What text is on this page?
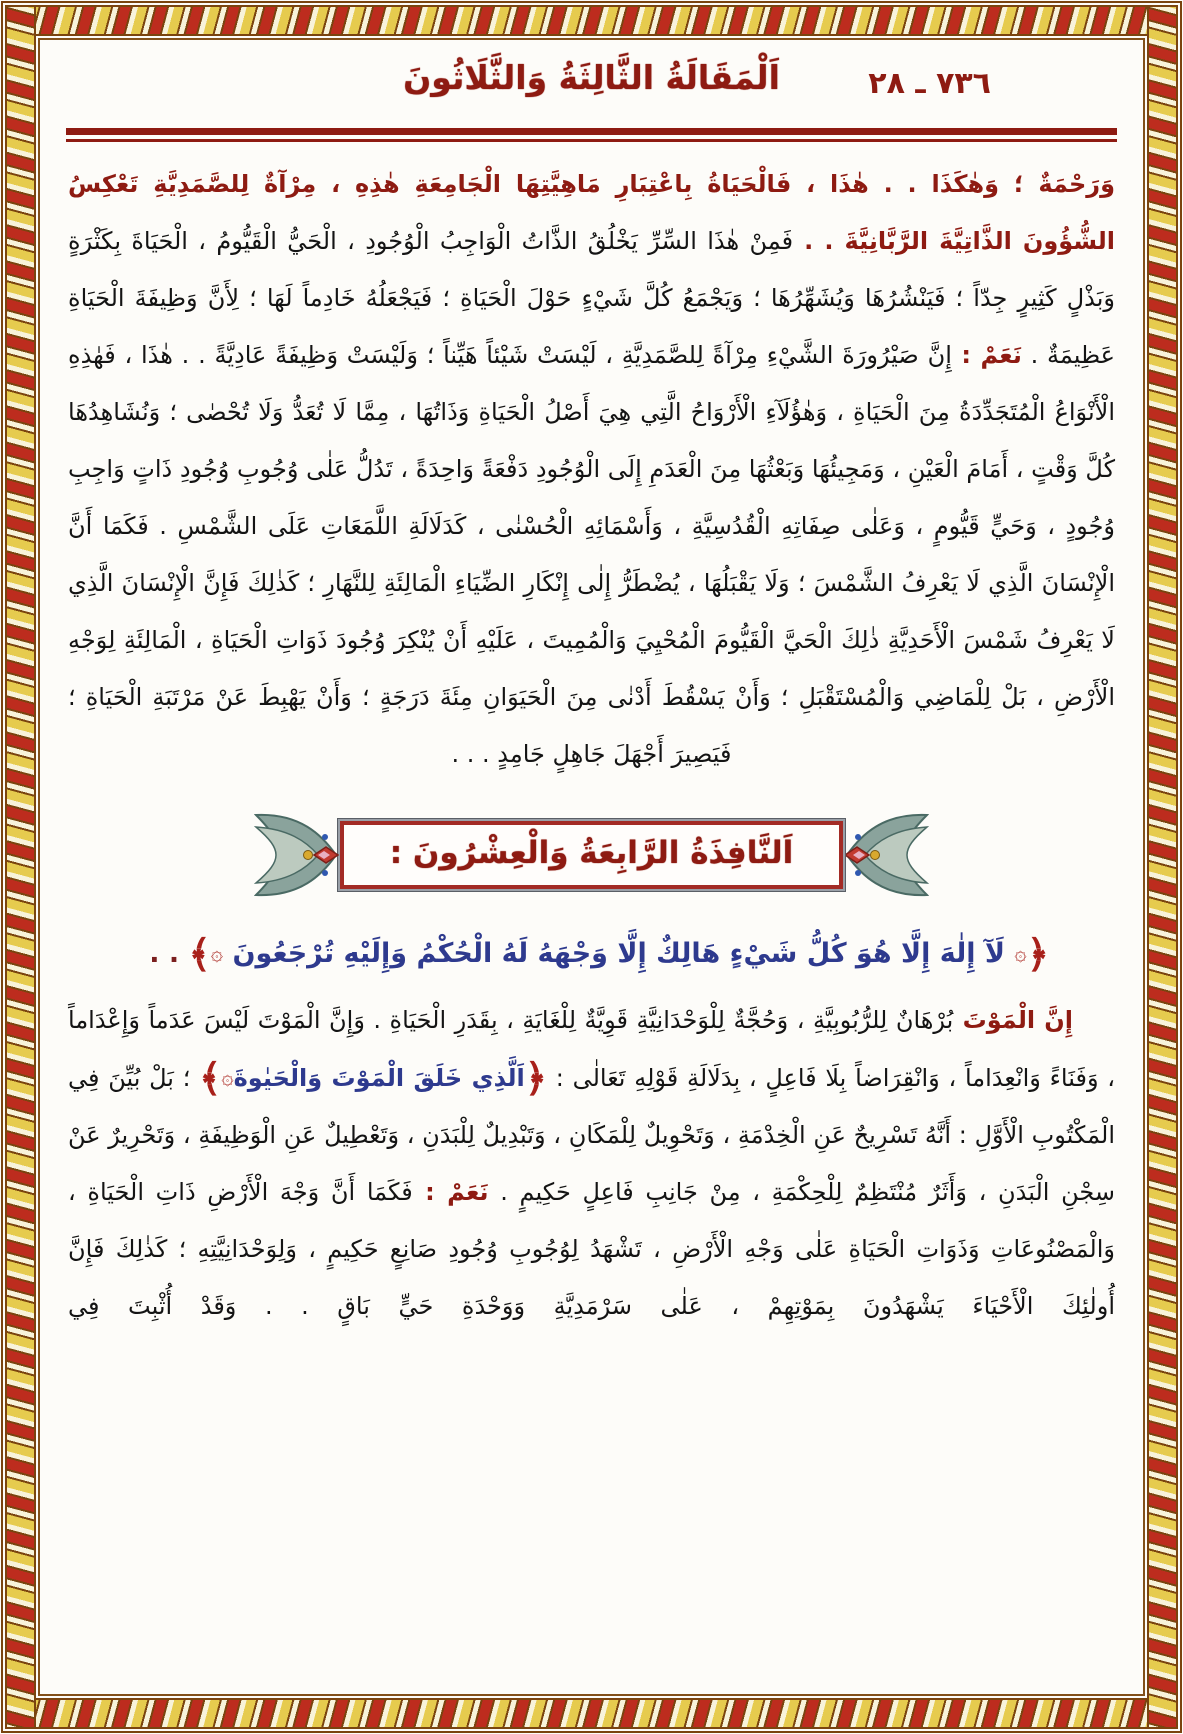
٧٣٦ ـ ٢٨
اَلْمَقَالَةُ الثَّالِثَةُ وَالثَّلَاثُونَ

وَرَحْمَةٌ ؛ وَهٰكَذَا . . هٰذَا ، فَالْحَيَاةُ بِاعْتِبَارِ مَاهِيَّتِهَا الْجَامِعَةِ هٰذِهِ ، مِرْآةٌ لِلصَّمَدِيَّةِ تَعْكِسُ الشُّؤُونَ الذَّاتِيَّةَ الرَّبَّانِيَّةَ . . فَمِنْ هٰذَا السِّرِّ يَخْلُقُ الذَّاتُ الْوَاجِبُ الْوُجُودِ ، الْحَيُّ الْقَيُّومُ ، الْحَيَاةَ بِكَثْرَةٍ وَبَذْلٍ كَثِيرٍ جِدّاً ؛ فَيَنْشُرُهَا وَيُشَهِّرُهَا ؛ وَيَجْمَعُ كُلَّ شَيْءٍ حَوْلَ الْحَيَاةِ ؛ فَيَجْعَلُهُ خَادِماً لَهَا ؛ لِأَنَّ وَظِيفَةَ الْحَيَاةِ عَظِيمَةٌ . نَعَمْ : إِنَّ صَيْرُورَةَ الشَّيْءِ مِرْآةً لِلصَّمَدِيَّةِ ، لَيْسَتْ شَيْئاً هَيِّناً ؛ وَلَيْسَتْ وَظِيفَةً عَادِيَّةً . . هٰذَا ، فَهٰذِهِ الْأَنْوَاعُ الْمُتَجَدِّدَةُ مِنَ الْحَيَاةِ ، وَهٰؤُلَآءِ الْأَرْوَاحُ الَّتِي هِيَ أَصْلُ الْحَيَاةِ وَذَاتُهَا ، مِمَّا لَا تُعَدُّ وَلَا تُحْصٰى ؛ وَنُشَاهِدُهَا كُلَّ وَقْتٍ ، أَمَامَ الْعَيْنِ ، وَمَجِيئُهَا وَبَعْثُهَا مِنَ الْعَدَمِ إِلَى الْوُجُودِ دَفْعَةً وَاحِدَةً ، تَدُلُّ عَلٰى وُجُوبِ وُجُودِ ذَاتٍ وَاجِبِ وُجُودٍ ، وَحَيٍّ قَيُّومٍ ، وَعَلٰى صِفَاتِهِ الْقُدُسِيَّةِ ، وَأَسْمَائِهِ الْحُسْنٰى ، كَدَلَالَةِ اللَّمَعَاتِ عَلَى الشَّمْسِ . فَكَمَا أَنَّ الْإِنْسَانَ الَّذِي لَا يَعْرِفُ الشَّمْسَ ؛ وَلَا يَقْبَلُهَا ، يُضْطَرُّ إِلٰى إِنْكَارِ الضِّيَاءِ الْمَالِئَةِ لِلنَّهَارِ ؛ كَذٰلِكَ فَإِنَّ الْإِنْسَانَ الَّذِي لَا يَعْرِفُ شَمْسَ الْأَحَدِيَّةِ ذٰلِكَ الْحَيَّ الْقَيُّومَ الْمُحْيِيَ وَالْمُمِيتَ ، عَلَيْهِ أَنْ يُنْكِرَ وُجُودَ ذَوَاتِ الْحَيَاةِ ، الْمَالِئَةِ لِوَجْهِ الْأَرْضِ ، بَلْ لِلْمَاضِي وَالْمُسْتَقْبَلِ ؛ وَأَنْ يَسْقُطَ أَدْنٰى مِنَ الْحَيَوَانِ مِئَةَ دَرَجَةٍ ؛ وَأَنْ يَهْبِطَ عَنْ مَرْتَبَةِ الْحَيَاةِ ؛ فَيَصِيرَ أَجْهَلَ جَاهِلٍ جَامِدٍ . . .

اَلنَّافِذَةُ الرَّابِعَةُ وَالْعِشْرُونَ :

﴿۞ لَآ إِلٰهَ إِلَّا هُوَ كُلُّ شَيْءٍ هَالِكٌ إِلَّا وَجْهَهُ لَهُ الْحُكْمُ وَإِلَيْهِ تُرْجَعُونَ ۞﴾ . .

إِنَّ الْمَوْتَ بُرْهَانٌ لِلرُّبُوبِيَّةِ ، وَحُجَّةٌ لِلْوَحْدَانِيَّةِ قَوِيَّةٌ لِلْغَايَةِ ، بِقَدَرِ الْحَيَاةِ . وَإِنَّ الْمَوْتَ لَيْسَ عَدَماً وَإِعْدَاماً ، وَفَنَاءً وَانْعِدَاماً ، وَانْقِرَاضاً بِلَا فَاعِلٍ ، بِدَلَالَةِ قَوْلِهِ تَعَالٰى : ﴿اَلَّذِي خَلَقَ الْمَوْتَ وَالْحَيٰوةَ۞﴾ ؛ بَلْ بُيِّنَ فِي الْمَكْتُوبِ الْأَوَّلِ : أَنَّهُ تَسْرِيحٌ عَنِ الْخِدْمَةِ ، وَتَحْوِيلٌ لِلْمَكَانِ ، وَتَبْدِيلٌ لِلْبَدَنِ ، وَتَعْطِيلٌ عَنِ الْوَظِيفَةِ ، وَتَحْرِيرٌ عَنْ سِجْنِ الْبَدَنِ ، وَأَثَرٌ مُنْتَظِمٌ لِلْحِكْمَةِ ، مِنْ جَانِبِ فَاعِلٍ حَكِيمٍ . نَعَمْ : فَكَمَا أَنَّ وَجْهَ الْأَرْضِ ذَاتِ الْحَيَاةِ ، وَالْمَصْنُوعَاتِ وَذَوَاتِ الْحَيَاةِ عَلٰى وَجْهِ الْأَرْضِ ، تَشْهَدُ لِوُجُوبِ وُجُودِ صَانِعٍ حَكِيمٍ ، وَلِوَحْدَانِيَّتِهِ ؛ كَذٰلِكَ فَإِنَّ أُولٰئِكَ الْأَحْيَاءَ يَشْهَدُونَ بِمَوْتِهِمْ ، عَلٰى سَرْمَدِيَّةِ وَوَحْدَةِ حَيٍّ بَاقٍ . . وَقَدْ أُثْبِتَ فِي
